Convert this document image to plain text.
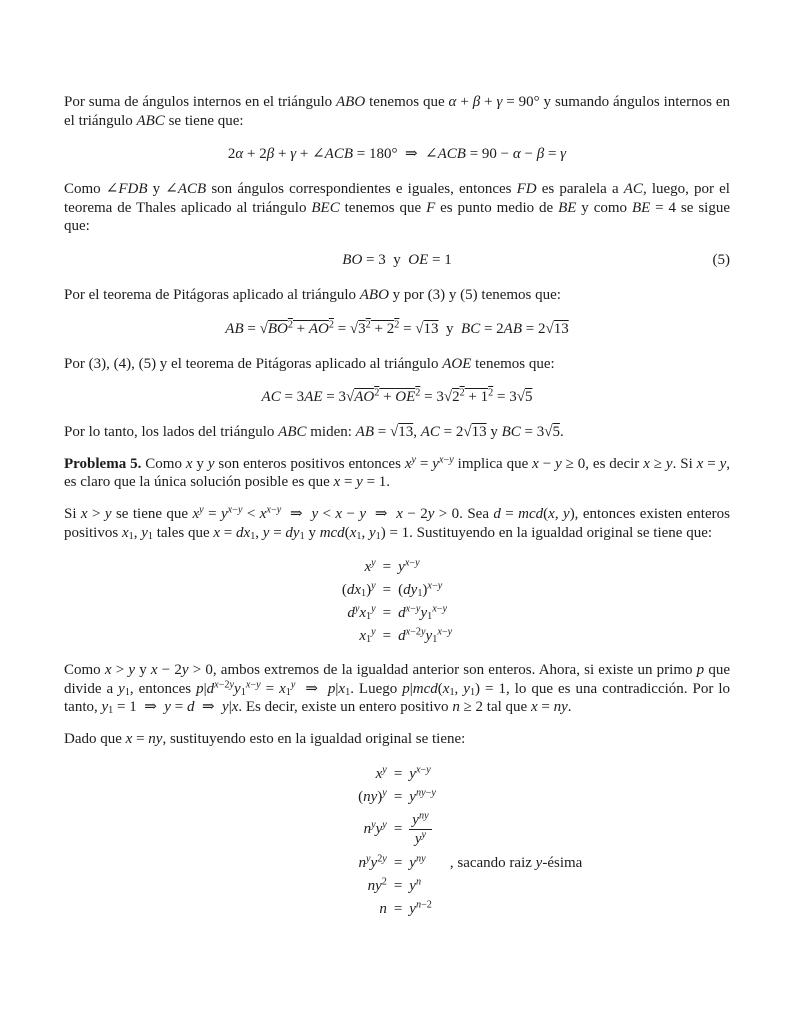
Por suma de ángulos internos en el triángulo ABO tenemos que α + β + γ = 90° y sumando ángulos internos en el triángulo ABC se tiene que:

2α + 2β + γ + ∠ACB = 180°  ⇒  ∠ACB = 90 − α − β = γ

Como ∠FDB y ∠ACB son ángulos correspondientes e iguales, entonces FD es paralela a AC, luego, por el teorema de Thales aplicado al triángulo BEC tenemos que F es punto medio de BE y como BE = 4 se sigue que:

BO = 3  y  OE = 1	(5)

Por el teorema de Pitágoras aplicado al triángulo ABO y por (3) y (5) tenemos que:

AB = $√BO^2 + AO^2 = √3^2 + 2^2 = √13$  y  BC = 2AB = 2√13

Por (3), (4), (5) y el teorema de Pitágoras aplicado al triángulo AOE tenemos que:

AC = $3AE = 3√AO^2 + OE^2 = 3√2^2 + 1^2 = 3√5$

Por lo tanto, los lados del triángulo ABC miden: AB = √13, AC = 2√13 y BC = 3√5.

Problema 5. Como x y y son enteros positivos entonces $x^y = y^{x-y}$ implica que x − y ≥ 0, es decir x ≥ y. Si x = y, es claro que la única solución posible es que x = y = 1.

Si x > y se tiene que $x^y = y^{x-y} < x^{x-y}$  ⇒  y < x − y  ⇒  x − 2y > 0. Sea d = mcd(x, y), entonces existen enteros positivos $x_1$, $y_1$ tales que $x = dx_1$, $y = dy_1$ y $mcd(x_1$, $y_1) = 1$. Sustituyendo en la igualdad original se tiene que:

$x^y = y^{x-y}$
$(dx_1)^y = (dy_1)^{x-y}$
$d^yx_1^y = d^{x-y}y_1^{x-y}$
$x_1^y = d^{x-2y}y_1^{x-y}$

Como x > y y x − 2y > 0, ambos extremos de la igualdad anterior son enteros. Ahora, si existe un primo p que divide a $y_1$, entonces $p|d^{x-2y}y_1^{x-y} = x_1^y$  ⇒  $p|x_1$. Luego $p|mcd(x_1$, $y_1) = 1$, lo que es una contradicción. Por lo tanto, $y_1 = 1$  ⇒  y = d  ⇒  y|x. Es decir, existe un entero positivo n ≥ 2 tal que x = ny.

Dado que x = ny, sustituyendo esto en la igualdad original se tiene:

$x^y = y^{x-y}$
$(ny)^y = y^{ny-y}$
$n^yy^y = \frac{y^{ny}}{y^y}$
$n^yy^{2y} = y^{ny}$	, sacando raiz y-ésima
$ny^2 = y^n$
$n = y^{n-2}$
